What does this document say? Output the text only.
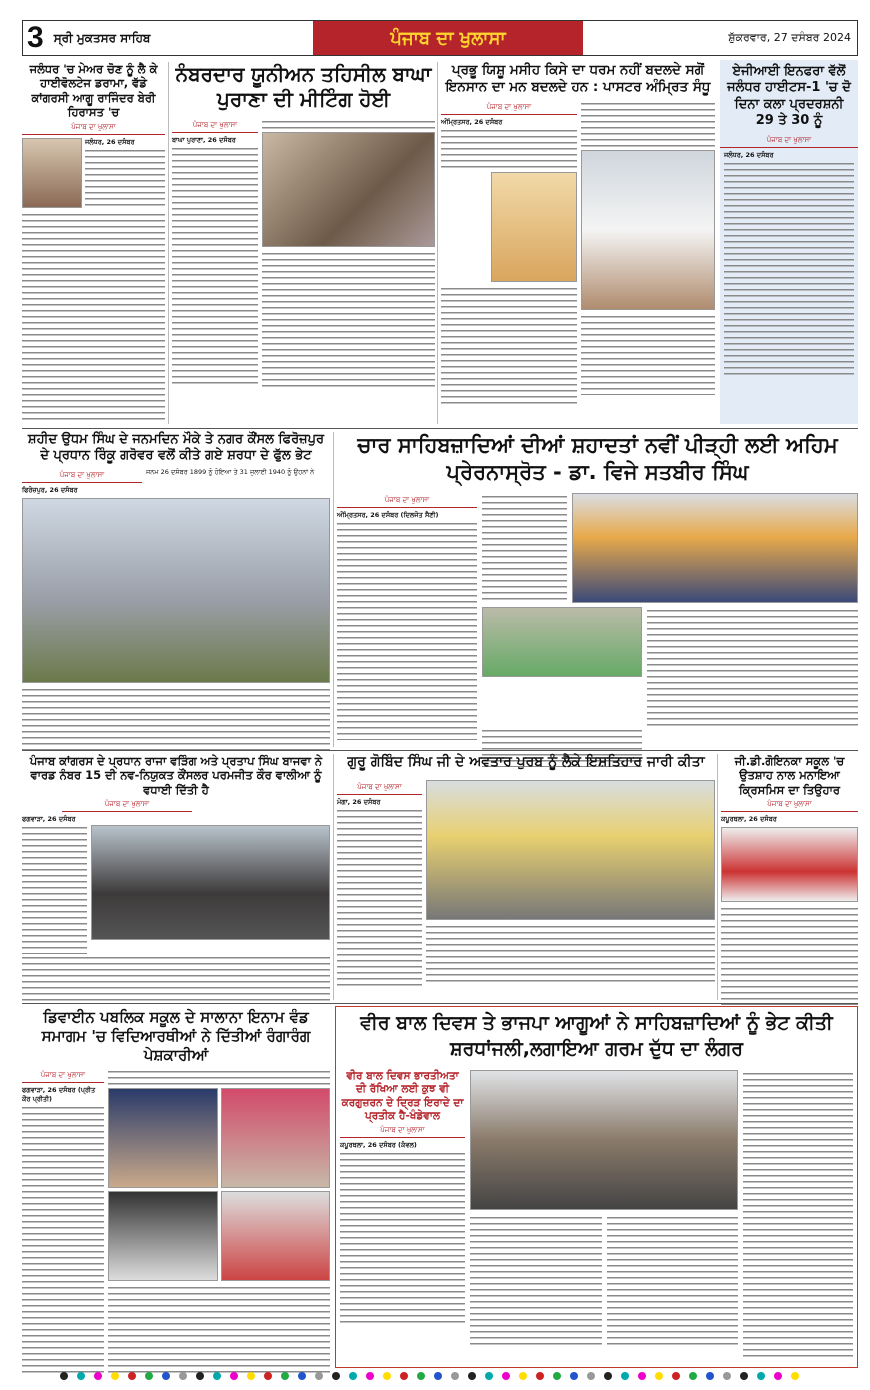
3 ਸ੍ਰੀ ਮੁਕਤਸਰ ਸਾਹਿਬ	ਪੰਜਾਬ ਦਾ ਖੁਲਾਸਾ	ਸ਼ੁੱਕਰਵਾਰ, 27 ਦਸੰਬਰ 2024
ਜਲੰਧਰ 'ਚ ਮੇਅਰ ਚੋਣ ਨੂੰ ਲੈ ਕੇ ਹਾਈਵੋਲਟੇਜ ਡਰਾਮਾ, ਵੱਡੇ ਕਾਂਗਰਸੀ ਆਗੂ ਰਾਜਿੰਦਰ ਬੇਰੀ ਹਿਰਾਸਤ 'ਚ
ਪੰਜਾਬ ਦਾ ਖੁਲਾਸਾ
ਜਲੰਧਰ, 26 ਦਸੰਬਰ
ਨੰਬਰਦਾਰ ਯੂਨੀਅਨ ਤਹਿਸੀਲ ਬਾਘਾ ਪੁਰਾਣਾ ਦੀ ਮੀਟਿੰਗ ਹੋਈ
ਪੰਜਾਬ ਦਾ ਖੁਲਾਸਾ
ਬਾਘਾ ਪੁਰਾਣਾ, 26 ਦਸੰਬਰ
ਪ੍ਰਭੂ ਯਿਸ਼ੂ ਮਸੀਹ ਕਿਸੇ ਦਾ ਧਰਮ ਨਹੀਂ ਬਦਲਦੇ ਸਗੋਂ ਇਨਸਾਨ ਦਾ ਮਨ ਬਦਲਦੇ ਹਨ : ਪਾਸਟਰ ਅੰਮ੍ਰਿਤ ਸੰਧੂ
ਪੰਜਾਬ ਦਾ ਖੁਲਾਸਾ
ਅੰਮ੍ਰਿਤਸਰ, 26 ਦਸੰਬਰ
ਏਜੀਆਈ ਇਨਫਰਾ ਵੱਲੋਂ ਜਲੰਧਰ ਹਾਈਟਸ-1 'ਚ ਦੋ ਦਿਨਾ ਕਲਾ ਪ੍ਰਦਰਸ਼ਨੀ 29 ਤੇ 30 ਨੂੰ
ਪੰਜਾਬ ਦਾ ਖੁਲਾਸਾ
ਜਲੰਧਰ, 26 ਦਸੰਬਰ
ਸ਼ਹੀਦ ਉਧਮ ਸਿੰਘ ਦੇ ਜਨਮਦਿਨ ਮੌਕੇ ਤੇ ਨਗਰ ਕੌਂਸਲ ਫਿਰੋਜ਼ਪੁਰ ਦੇ ਪ੍ਰਧਾਨ ਰਿੰਕੂ ਗਰੋਵਰ ਵਲੋਂ ਕੀਤੇ ਗਏ ਸ਼ਰਧਾ ਦੇ ਫੁੱਲ ਭੇਟ
ਪੰਜਾਬ ਦਾ ਖੁਲਾਸਾ
ਫਿਰੋਜ਼ਪੁਰ, 26 ਦਸੰਬਰ
ਜਨਮ 26 ਦਸੰਬਰ 1899 ਨੂੰ ਹੋਇਆ ਤੇ 31 ਜੁਲਾਈ 1940 ਨੂੰ ਉਹਨਾਂ ਨੇ
ਚਾਰ ਸਾਹਿਬਜ਼ਾਦਿਆਂ ਦੀਆਂ ਸ਼ਹਾਦਤਾਂ ਨਵੀਂ ਪੀੜ੍ਹੀ ਲਈ ਅਹਿਮ ਪ੍ਰੇਰਨਾਸ੍ਰੋਤ - ਡਾ. ਵਿਜੇ ਸਤਬੀਰ ਸਿੰਘ
ਪੰਜਾਬ ਦਾ ਖੁਲਾਸਾ
ਅੰਮ੍ਰਿਤਸਰ, 26 ਦਸੰਬਰ (ਦਿਲਜੋਤ ਸੈਣੀ)
ਪੰਜਾਬ ਕਾਂਗਰਸ ਦੇ ਪ੍ਰਧਾਨ ਰਾਜਾ ਵੜਿੰਗ ਅਤੇ ਪ੍ਰਤਾਪ ਸਿੰਘ ਬਾਜਵਾ ਨੇ ਵਾਰਡ ਨੰਬਰ 15 ਦੀ ਨਵ-ਨਿਯੁਕਤ ਕੌਂਸਲਰ ਪਰਮਜੀਤ ਕੌਰ ਵਾਲੀਆ ਨੂੰ ਵਧਾਈ ਦਿੱਤੀ ਹੈ
ਪੰਜਾਬ ਦਾ ਖੁਲਾਸਾ
ਫਗਵਾੜਾ, 26 ਦਸੰਬਰ
ਗੁਰੂ ਗੋਬਿੰਦ ਸਿੰਘ ਜੀ ਦੇ ਅਵਤਾਰ ਪੁਰਬ ਨੂੰ ਲੈਕੇ ਇਸ਼ਤਿਹਾਰ ਜਾਰੀ ਕੀਤਾ
ਪੰਜਾਬ ਦਾ ਖੁਲਾਸਾ
ਮੋਗਾ, 26 ਦਸੰਬਰ
ਜੀ.ਡੀ.ਗੋਇਨਕਾ ਸਕੂਲ 'ਚ ਉਤਸ਼ਾਹ ਨਾਲ ਮਨਾਇਆ ਕ੍ਰਿਸਮਿਸ ਦਾ ਤਿਉਹਾਰ
ਪੰਜਾਬ ਦਾ ਖੁਲਾਸਾ
ਕਪੂਰਥਲਾ, 26 ਦਸੰਬਰ
ਡਿਵਾਈਨ ਪਬਲਿਕ ਸਕੂਲ ਦੇ ਸਾਲਾਨਾ ਇਨਾਮ ਵੰਡ ਸਮਾਗਮ 'ਚ ਵਿਦਿਆਰਥੀਆਂ ਨੇ ਦਿੱਤੀਆਂ ਰੰਗਾਰੰਗ ਪੇਸ਼ਕਾਰੀਆਂ
ਪੰਜਾਬ ਦਾ ਖੁਲਾਸਾ
ਫਗਵਾੜਾ, 26 ਦਸੰਬਰ (ਪ੍ਰੀਤ ਕੌਰ ਪ੍ਰੀਤੀ)
ਵੀਰ ਬਾਲ ਦਿਵਸ ਤੇ ਭਾਜਪਾ ਆਗੂਆਂ ਨੇ ਸਾਹਿਬਜ਼ਾਦਿਆਂ ਨੂੰ ਭੇਟ ਕੀਤੀ ਸ਼ਰਧਾਂਜਲੀ,ਲਗਾਇਆ ਗਰਮ ਦੁੱਧ ਦਾ ਲੰਗਰ
ਵੀਰ ਬਾਲ ਦਿਵਸ ਭਾਰਤੀਅਤਾ ਦੀ ਰੱਖਿਆ ਲਈ ਕੁਝ ਵੀ ਕਰਗੁਜ਼ਰਨ ਦੇ ਦ੍ਰਿੜ ਇਰਾਦੇ ਦਾ ਪ੍ਰਤੀਕ ਹੈ-ਖੰਡੇਵਾਲ
ਪੰਜਾਬ ਦਾ ਖੁਲਾਸਾ
ਕਪੂਰਥਲਾ, 26 ਦਸੰਬਰ (ਕੰਵਲ)
